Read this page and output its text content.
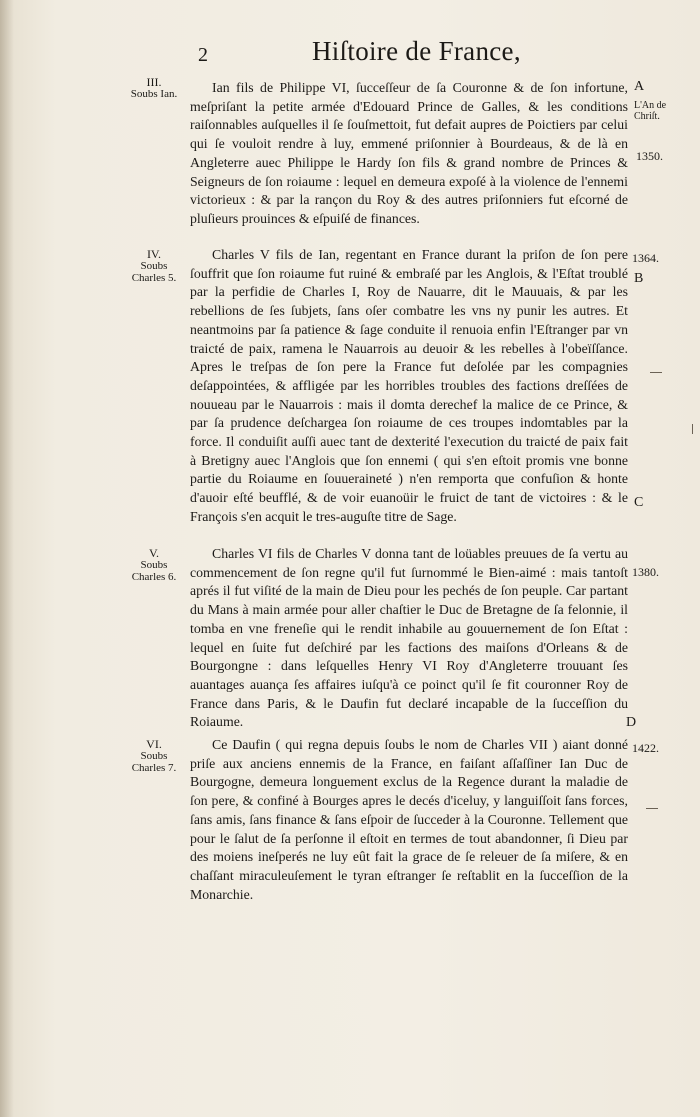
2	Hiſtoire de France,
III.
Soubs Ian.	Ian fils de Philippe VI, ſucceſſeur de ſa Couronne & de ſon infortune, meſpriſant la petite armée d'Edouard Prince de Galles, & les conditions raiſonnables auſquelles il ſe ſouſmettoit, fut defait aupres de Poictiers par celui qui ſe vouloit rendre à luy, emmené priſonnier à Bourdeaus, & de là en Angleterre auec Philippe le Hardy ſon fils & grand nombre de Princes & Seigneurs de ſon roiaume : lequel en demeura expoſé à la violence de l'ennemi victorieux : & par la rançon du Roy & des autres priſonniers fut eſcorné de pluſieurs prouinces & eſpuiſé de finances.

IV.
Soubs Charles 5.

Charles V fils de Ian, regentant en France durant la priſon de ſon pere ſouffrit que ſon roiaume fut ruiné & embraſé par les Anglois, & l'Eſtat troublé par la perfidie de Charles I, Roy de Nauarre, dit le Mauuais, & par les rebellions de ſes ſubjets, ſans oſer combatre les vns ny punir les autres. Et neantmoins par ſa patience & ſage conduite il renuoia enfin l'Eſtranger par vn traicté de paix, ramena le Nauarrois au deuoir & les rebelles à l'obeïſſance. Apres le treſpas de ſon pere la France fut deſolée par les compagnies deſappointées, & affligée par les horribles troubles des factions dreſſées de nouueau par le Nauarrois : mais il domta derechef la malice de ce Prince, & par ſa prudence deſchargea ſon roiaume de ces troupes indomtables par la force. Il conduiſit auſſi auec tant de dexterité l'execution du traicté de paix fait à Bretigny auec l'Anglois que ſon ennemi ( qui s'en eſtoit promis vne bonne partie du Roiaume en ſouueraineté ) n'en remporta que confuſion & honte d'auoir eſté beufflé, & de voir euanoüir le fruict de tant de victoires : & le François s'en acquit le tres-auguſte titre de Sage.

V.
Soubs Charles 6.

Charles VI fils de Charles V donna tant de loüables preuues de ſa vertu au commencement de ſon regne qu'il fut ſurnommé le Bien-aimé : mais tantoſt aprés il fut viſité de la main de Dieu pour les pechés de ſon peuple. Car partant du Mans à main armée pour aller chaſtier le Duc de Bretagne de ſa felonnie, il tomba en vne freneſie qui le rendit inhabile au gouuernement de ſon Eſtat : lequel en ſuite fut deſchiré par les factions des maiſons d'Orleans & de Bourgongne : dans leſquelles Henry VI Roy d'Angleterre trouuant ſes auantages auança ſes affaires iuſqu'à ce poinct qu'il ſe fit couronner Roy de France dans Paris, & le Daufin fut declaré incapable de la ſucceſſion du Roiaume.

VI.
Soubs Charles 7.

Ce Daufin ( qui regna depuis ſoubs le nom de Charles VII ) aiant donné priſe aux anciens ennemis de la France, en faiſant aſſaſſiner Ian Duc de Bourgogne, demeura longuement exclus de la Regence durant la maladie de ſon pere, & confiné à Bourges apres le decés d'iceluy, y languiſſoit ſans forces, ſans amis, ſans finance & ſans eſpoir de ſucceder à la Couronne. Tellement que pour le ſalut de ſa perſonne il eſtoit en termes de tout abandonner, ſi Dieu par des moiens ineſperés ne luy eût fait la grace de ſe releuer de ſa miſere, & en chaſſant miraculeuſement le tyran eſtranger ſe reſtablit en la ſucceſſion de la Monarchie.

A
L'An de Chriſt.
1350.
1364.
B
C
1380.
D
1422.
